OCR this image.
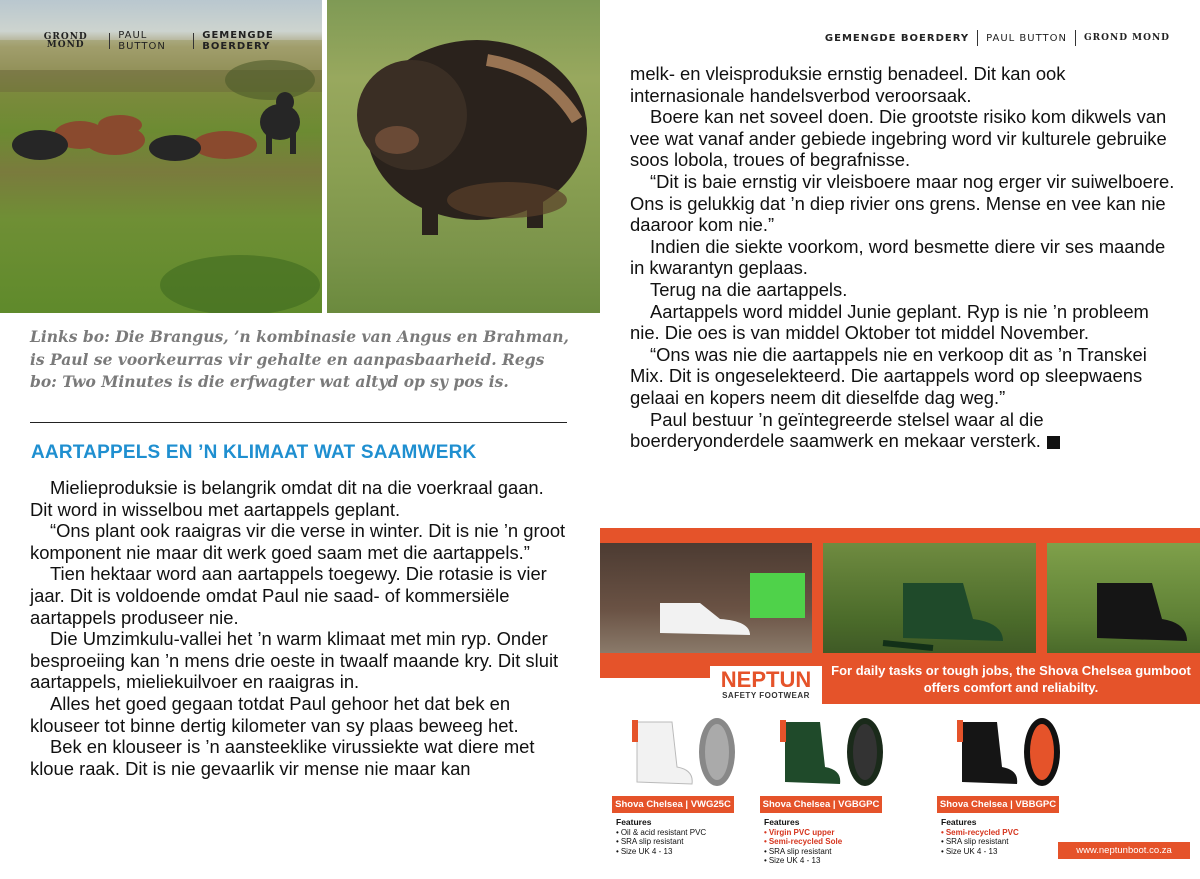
GROND MOND
PAUL BUTTON
GEMENGDE BOERDERY
Links bo: Die Brangus, ’n kombinasie van Angus en Brahman, is Paul se voorkeurras vir gehalte en aanpasbaarheid. Regs bo: Two Minutes is die erfwagter wat altyd op sy pos is.
AARTAPPELS EN ’N KLIMAAT WAT SAAMWERK

Mielieproduksie is belangrik omdat dit na die voerkraal gaan. Dit word in wisselbou met aartappels geplant.

“Ons plant ook raaigras vir die verse in winter. Dit is nie ’n groot komponent nie maar dit werk goed saam met die aartappels.”

Tien hektaar word aan aartappels toegewy. Die rotasie is vier jaar. Dit is voldoende omdat Paul nie saad- of kommersiële aartappels produseer nie.

Die Umzimkulu-vallei het ’n warm klimaat met min ryp. Onder besproeiing kan ’n mens drie oeste in twaalf maande kry. Dit sluit aartappels, mieliekuilvoer en raaigras in.

Alles het goed gegaan totdat Paul gehoor het dat bek en klouseer tot binne dertig kilometer van sy plaas beweeg het.

Bek en klouseer is ’n aansteeklike virussiekte wat diere met kloue raak. Dit is nie gevaarlik vir mense nie maar kan

GEMENGDE BOERDERY PAUL BUTTON GROND MOND

melk- en vleisproduksie ernstig benadeel. Dit kan ook internasionale handelsverbod veroorsaak.

Boere kan net soveel doen. Die grootste risiko kom dikwels van vee wat vanaf ander gebiede ingebring word vir kulturele gebruike soos lobola, troues of begrafnisse.

“Dit is baie ernstig vir vleisboere maar nog erger vir suiwelboere. Ons is gelukkig dat ’n diep rivier ons grens. Mense en vee kan nie daaroor kom nie.”

Indien die siekte voorkom, word besmette diere vir ses maande in kwarantyn geplaas.

Terug na die aartappels.

Aartappels word middel Junie geplant. Ryp is nie ’n probleem nie. Die oes is van middel Oktober tot middel November.

“Ons was nie die aartappels nie en verkoop dit as ’n Transkei Mix. Dit is ongeselekteerd. Die aartappels word op sleepwaens gelaai en kopers neem dit dieselfde dag weg.”

Paul bestuur ’n geïntegreerde stelsel waar al die boerderyonderdele saamwerk en mekaar versterk.	✝

NEPTUN
SAFETY FOOTWEAR
For daily tasks or tough jobs, the Shova Chelsea gumboot offers comfort and reliabilty.
Shova Chelsea | VWG25C
Features
• Oil & acid resistant PVC
• SRA slip resistant
• Size UK 4 - 13
Shova Chelsea | VGBGPC
Features
• Virgin PVC upper
• Semi-recycled Sole
• SRA slip resistant
• Size UK 4 - 13
Shova Chelsea | VBBGPC
Features
• Semi-recycled PVC
• SRA slip resistant
• Size UK 4 - 13	www.neptunboot.co.za
